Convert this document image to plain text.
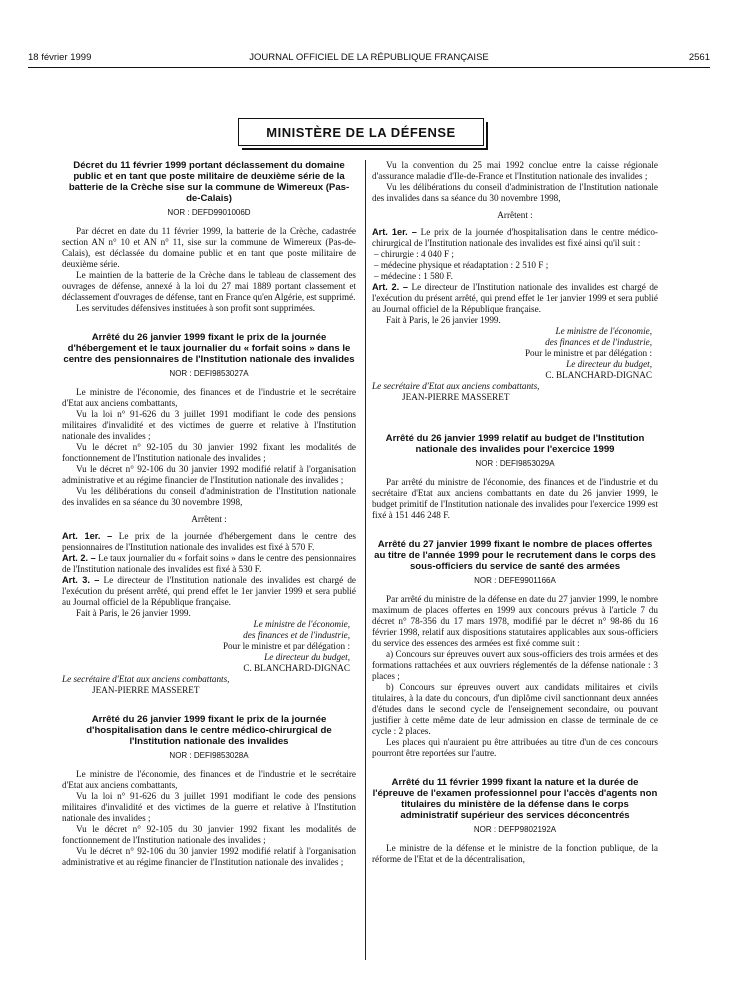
18 février 1999	JOURNAL OFFICIEL DE LA RÉPUBLIQUE FRANÇAISE	2561
MINISTÈRE DE LA DÉFENSE
Décret du 11 février 1999 portant déclassement du domaine public et en tant que poste militaire de deuxième série de la batterie de la Crèche sise sur la commune de Wimereux (Pas-de-Calais)
NOR : DEFD9901006D

Par décret en date du 11 février 1999, la batterie de la Crèche, cadastrée section AN n° 10 et AN n° 11, sise sur la commune de Wimereux (Pas-de-Calais), est déclassée du domaine public et en tant que poste militaire de deuxième série.

Le maintien de la batterie de la Crèche dans le tableau de classement des ouvrages de défense, annexé à la loi du 27 mai 1889 portant classement et déclassement d'ouvrages de défense, tant en France qu'en Algérie, est supprimé.

Les servitudes défensives instituées à son profit sont supprimées.

Arrêté du 26 janvier 1999 fixant le prix de la journée d'hébergement et le taux journalier du « forfait soins » dans le centre des pensionnaires de l'Institution nationale des invalides
NOR : DEFI9853027A

Le ministre de l'économie, des finances et de l'industrie et le secrétaire d'Etat aux anciens combattants,

Vu la loi n° 91-626 du 3 juillet 1991 modifiant le code des pensions militaires d'invalidité et des victimes de guerre et relative à l'Institution nationale des invalides ;

Vu le décret n° 92-105 du 30 janvier 1992 fixant les modalités de fonctionnement de l'Institution nationale des invalides ;

Vu le décret n° 92-106 du 30 janvier 1992 modifié relatif à l'organisation administrative et au régime financier de l'Institution nationale des invalides ;

Vu les délibérations du conseil d'administration de l'Institution nationale des invalides en sa séance du 30 novembre 1998,

Arrêtent :

Art. 1er. – Le prix de la journée d'hébergement dans le centre des pensionnaires de l'Institution nationale des invalides est fixé à 570 F.

Art. 2. – Le taux journalier du « forfait soins » dans le centre des pensionnaires de l'Institution nationale des invalides est fixé à 530 F.

Art. 3. – Le directeur de l'Institution nationale des invalides est chargé de l'exécution du présent arrêté, qui prend effet le 1er janvier 1999 et sera publié au Journal officiel de la République française.

Fait à Paris, le 26 janvier 1999.

Le ministre de l'économie,
des finances et de l'industrie,
Pour le ministre et par délégation :
Le directeur du budget,
C. BLANCHARD-DIGNAC
Le secrétaire d'Etat aux anciens combattants,
JEAN-PIERRE MASSERET
Arrêté du 26 janvier 1999 fixant le prix de la journée d'hospitalisation dans le centre médico-chirurgical de l'Institution nationale des invalides
NOR : DEFI9853028A

Le ministre de l'économie, des finances et de l'industrie et le secrétaire d'Etat aux anciens combattants,

Vu la loi n° 91-626 du 3 juillet 1991 modifiant le code des pensions militaires d'invalidité et des victimes de la guerre et relative à l'Institution nationale des invalides ;

Vu le décret n° 92-105 du 30 janvier 1992 fixant les modalités de fonctionnement de l'Institution nationale des invalides ;

Vu le décret n° 92-106 du 30 janvier 1992 modifié relatif à l'organisation administrative et au régime financier de l'Institution nationale des invalides ;

Vu la convention du 25 mai 1992 conclue entre la caisse régionale d'assurance maladie d'Ile-de-France et l'Institution nationale des invalides ;

Vu les délibérations du conseil d'administration de l'Institution nationale des invalides dans sa séance du 30 novembre 1998,

Arrêtent :

Art. 1er. – Le prix de la journée d'hospitalisation dans le centre médico-chirurgical de l'Institution nationale des invalides est fixé ainsi qu'il suit :

– chirurgie : 4 040 F ;
– médecine physique et réadaptation : 2 510 F ;
– médecine : 1 580 F.

Art. 2. – Le directeur de l'Institution nationale des invalides est chargé de l'exécution du présent arrêté, qui prend effet le 1er janvier 1999 et sera publié au Journal officiel de la République française.

Fait à Paris, le 26 janvier 1999.

Le ministre de l'économie,
des finances et de l'industrie,
Pour le ministre et par délégation :
Le directeur du budget,
C. BLANCHARD-DIGNAC
Le secrétaire d'Etat aux anciens combattants,
JEAN-PIERRE MASSERET
Arrêté du 26 janvier 1999 relatif au budget de l'Institution nationale des invalides pour l'exercice 1999
NOR : DEFI9853029A

Par arrêté du ministre de l'économie, des finances et de l'industrie et du secrétaire d'Etat aux anciens combattants en date du 26 janvier 1999, le budget primitif de l'Institution nationale des invalides pour l'exercice 1999 est fixé à 151 446 248 F.

Arrêté du 27 janvier 1999 fixant le nombre de places offertes au titre de l'année 1999 pour le recrutement dans le corps des sous-officiers du service de santé des armées
NOR : DEFE9901166A

Par arrêté du ministre de la défense en date du 27 janvier 1999, le nombre maximum de places offertes en 1999 aux concours prévus à l'article 7 du décret n° 78-356 du 17 mars 1978, modifié par le décret n° 98-86 du 16 février 1998, relatif aux dispositions statutaires applicables aux sous-officiers du service des essences des armées est fixé comme suit :

a) Concours sur épreuves ouvert aux sous-officiers des trois armées et des formations rattachées et aux ouvriers réglementés de la défense nationale : 3 places ;

b) Concours sur épreuves ouvert aux candidats militaires et civils titulaires, à la date du concours, d'un diplôme civil sanctionnant deux années d'études dans le second cycle de l'enseignement secondaire, ou pouvant justifier à cette même date de leur admission en classe de terminale de ce cycle : 2 places.

Les places qui n'auraient pu être attribuées au titre d'un de ces concours pourront être reportées sur l'autre.

Arrêté du 11 février 1999 fixant la nature et la durée de l'épreuve de l'examen professionnel pour l'accès d'agents non titulaires du ministère de la défense dans le corps administratif supérieur des services déconcentrés
NOR : DEFP9802192A

Le ministre de la défense et le ministre de la fonction publique, de la réforme de l'Etat et de la décentralisation,
